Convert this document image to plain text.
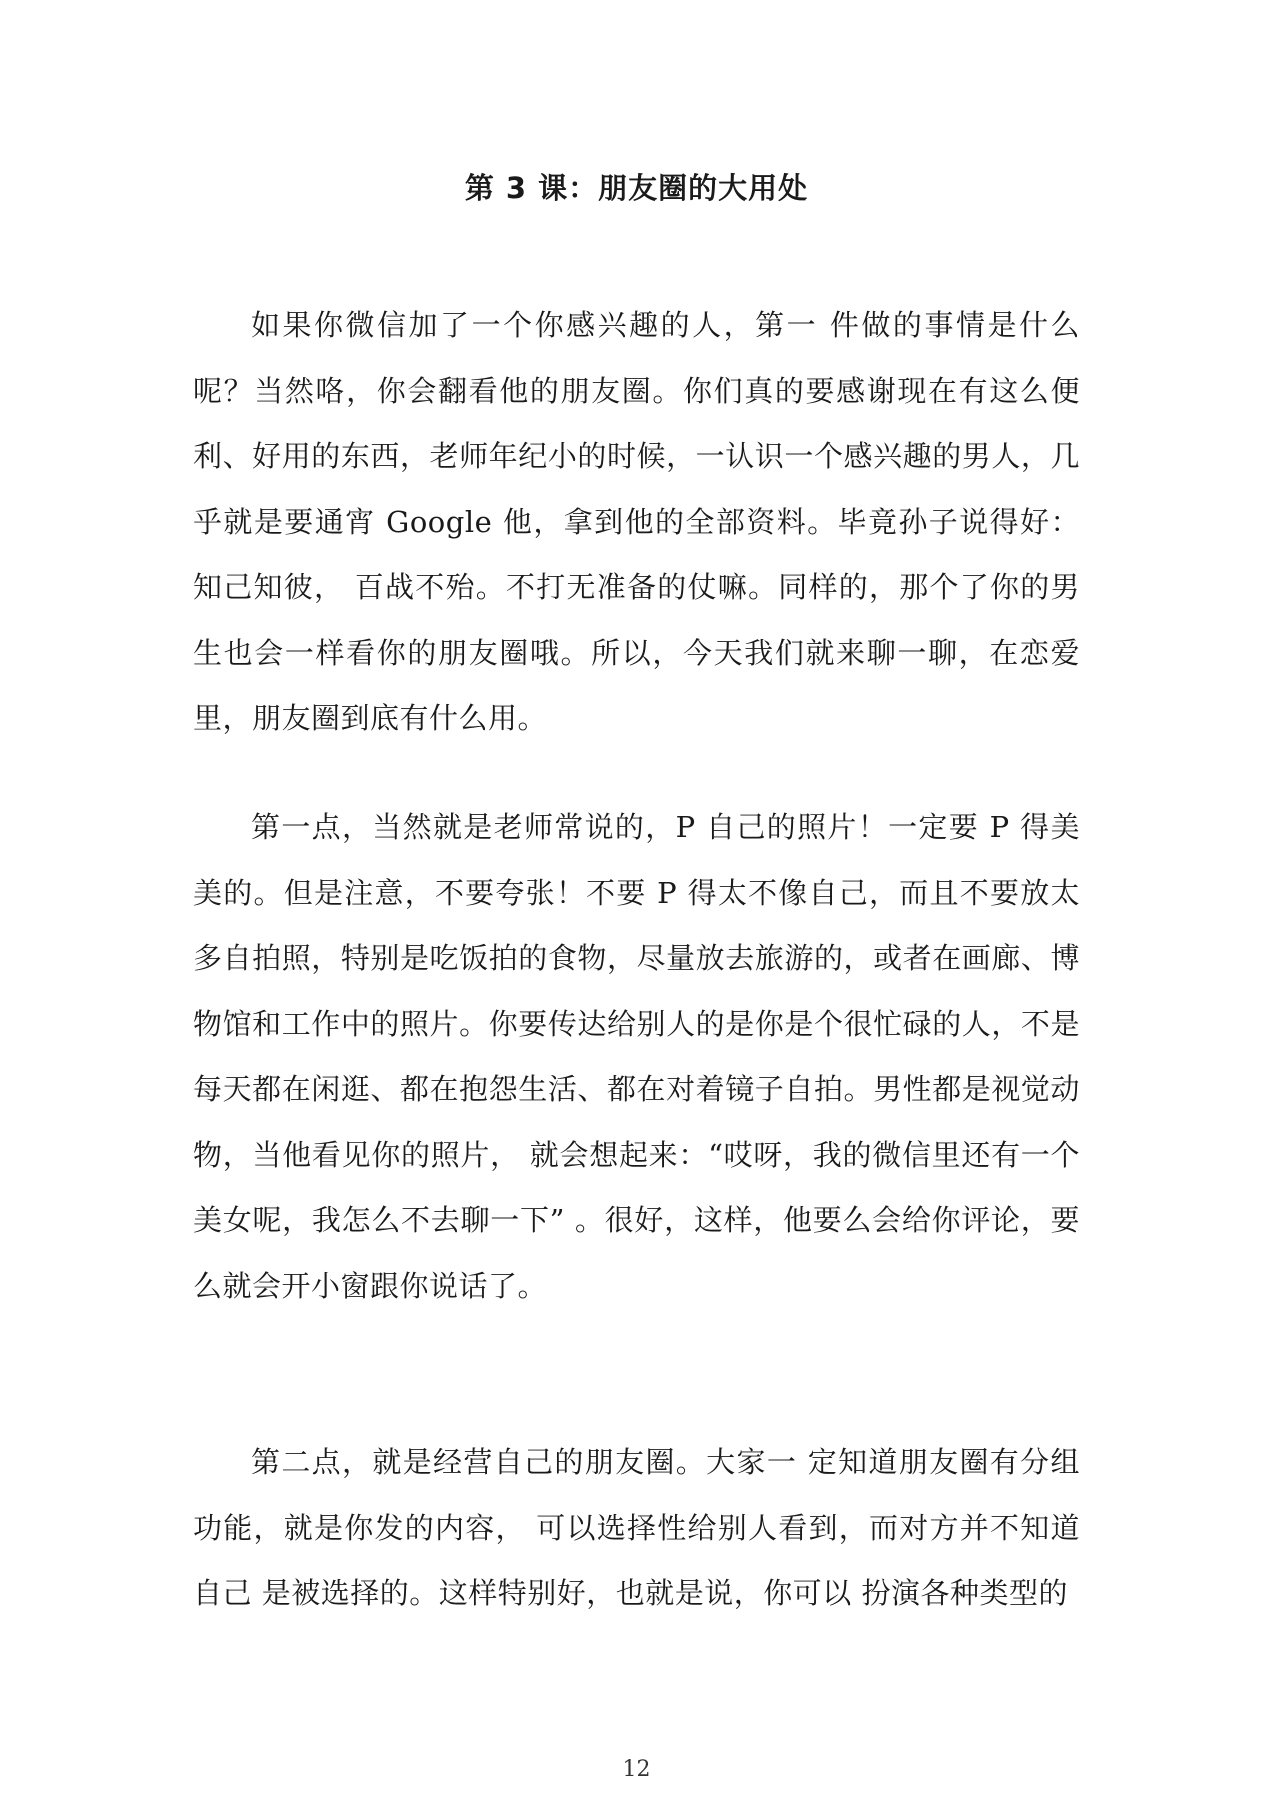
第 3 课：朋友圈的大用处

如果你微信加了一个你感兴趣的人，第一 件做的事情是什么呢？当然咯，你会翻看他的朋友圈。你们真的要感谢现在有这么便利、好用的东西，老师年纪小的时候，一认识一个感兴趣的男人，几乎就是要通宵 Google 他，拿到他的全部资料。毕竟孙子说得好：知己知彼， 百战不殆。不打无准备的仗嘛。同样的，那个了你的男生也会一样看你的朋友圈哦。所以，今天我们就来聊一聊，在恋爱里，朋友圈到底有什么用。

第一点，当然就是老师常说的，P 自己的照片！一定要 P 得美美的。但是注意，不要夸张！不要 P 得太不像自己，而且不要放太多自拍照，特别是吃饭拍的食物，尽量放去旅游的，或者在画廊、博物馆和工作中的照片。你要传达给别人的是你是个很忙碌的人，不是每天都在闲逛、都在抱怨生活、都在对着镜子自拍。男性都是视觉动物，当他看见你的照片， 就会想起来：“哎呀，我的微信里还有一个美女呢，我怎么不去聊一下” 。很好，这样，他要么会给你评论，要么就会开小窗跟你说话了。

第二点，就是经营自己的朋友圈。大家一 定知道朋友圈有分组功能，就是你发的内容， 可以选择性给别人看到，而对方并不知道自己 是被选择的。这样特别好，也就是说，你可以 扮演各种类型的

12
